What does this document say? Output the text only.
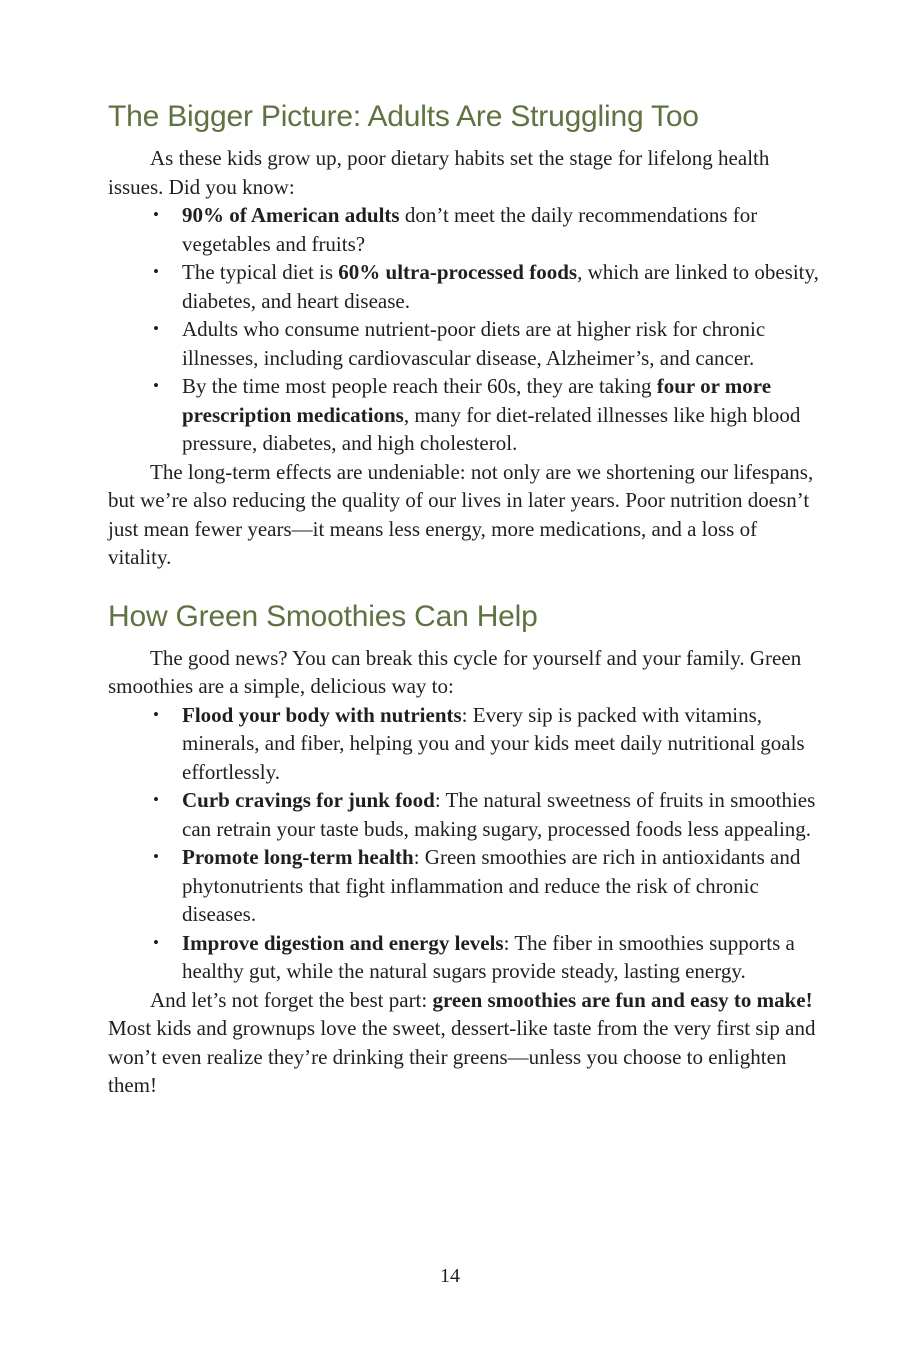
The Bigger Picture: Adults Are Struggling Too

As these kids grow up, poor dietary habits set the stage for lifelong health issues. Did you know:

• 90% of American adults don’t meet the daily recommendations for vegetables and fruits?
• The typical diet is 60% ultra-processed foods, which are linked to obesity, diabetes, and heart disease.
• Adults who consume nutrient-poor diets are at higher risk for chronic illnesses, including cardiovascular disease, Alzheimer’s, and cancer.
• By the time most people reach their 60s, they are taking four or more prescription medications, many for diet-related illnesses like high blood pressure, diabetes, and high cholesterol.

The long-term effects are undeniable: not only are we shortening our lifespans, but we’re also reducing the quality of our lives in later years. Poor nutrition doesn’t just mean fewer years—it means less energy, more medications, and a loss of vitality.

How Green Smoothies Can Help

The good news? You can break this cycle for yourself and your family. Green smoothies are a simple, delicious way to:

• Flood your body with nutrients: Every sip is packed with vitamins, minerals, and fiber, helping you and your kids meet daily nutritional goals effortlessly.
• Curb cravings for junk food: The natural sweetness of fruits in smoothies can retrain your taste buds, making sugary, processed foods less appealing.
• Promote long-term health: Green smoothies are rich in antioxidants and phytonutrients that fight inflammation and reduce the risk of chronic diseases.
• Improve digestion and energy levels: The fiber in smoothies supports a healthy gut, while the natural sugars provide steady, lasting energy.

And let’s not forget the best part: green smoothies are fun and easy to make! Most kids and grownups love the sweet, dessert-like taste from the very first sip and won’t even realize they’re drinking their greens—unless you choose to enlighten them!

14
